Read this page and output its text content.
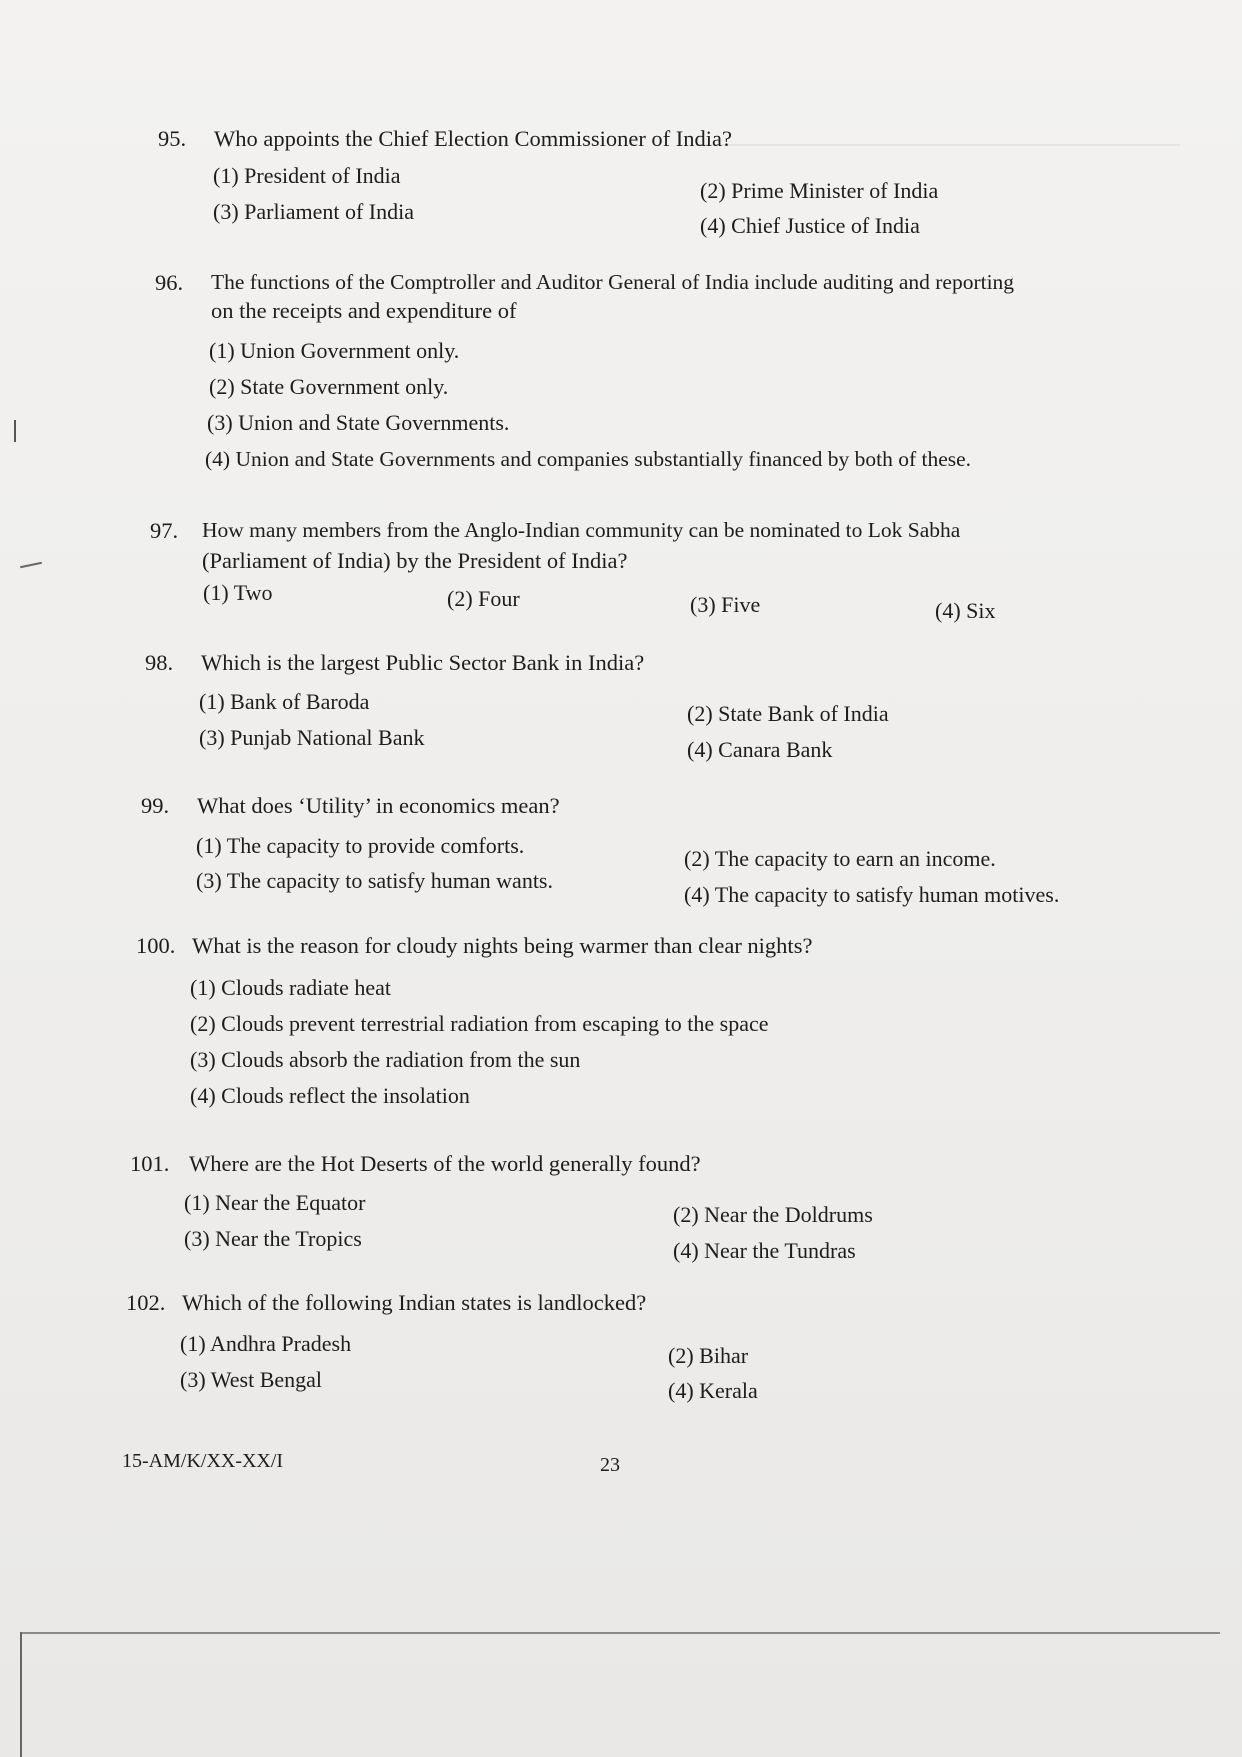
95. Who appoints the Chief Election Commissioner of India?
(1) President of India
(2) Prime Minister of India
(3) Parliament of India
(4) Chief Justice of India
96. The functions of the Comptroller and Auditor General of India include auditing and reporting
on the receipts and expenditure of
(1) Union Government only.
(2) State Government only.
(3) Union and State Governments.
(4) Union and State Governments and companies substantially financed by both of these.
97. How many members from the Anglo-Indian community can be nominated to Lok Sabha
(Parliament of India) by the President of India?
(1) Two	(2) Four	(3) Five	(4) Six
98. Which is the largest Public Sector Bank in India?
(1) Bank of Baroda	(2) State Bank of India
(3) Punjab National Bank	(4) Canara Bank
99. What does ‘Utility’ in economics mean?
(1) The capacity to provide comforts.
(2) The capacity to earn an income.
(3) The capacity to satisfy human wants.
(4) The capacity to satisfy human motives.
100. What is the reason for cloudy nights being warmer than clear nights?
(1) Clouds radiate heat
(2) Clouds prevent terrestrial radiation from escaping to the space
(3) Clouds absorb the radiation from the sun
(4) Clouds reflect the insolation
101. Where are the Hot Deserts of the world generally found?
(1) Near the Equator	(2) Near the Doldrums
(3) Near the Tropics	(4) Near the Tundras
102. Which of the following Indian states is landlocked?
(1) Andhra Pradesh	(2) Bihar
(3) West Bengal	(4) Kerala
15-AM/K/XX-XX/I	23
